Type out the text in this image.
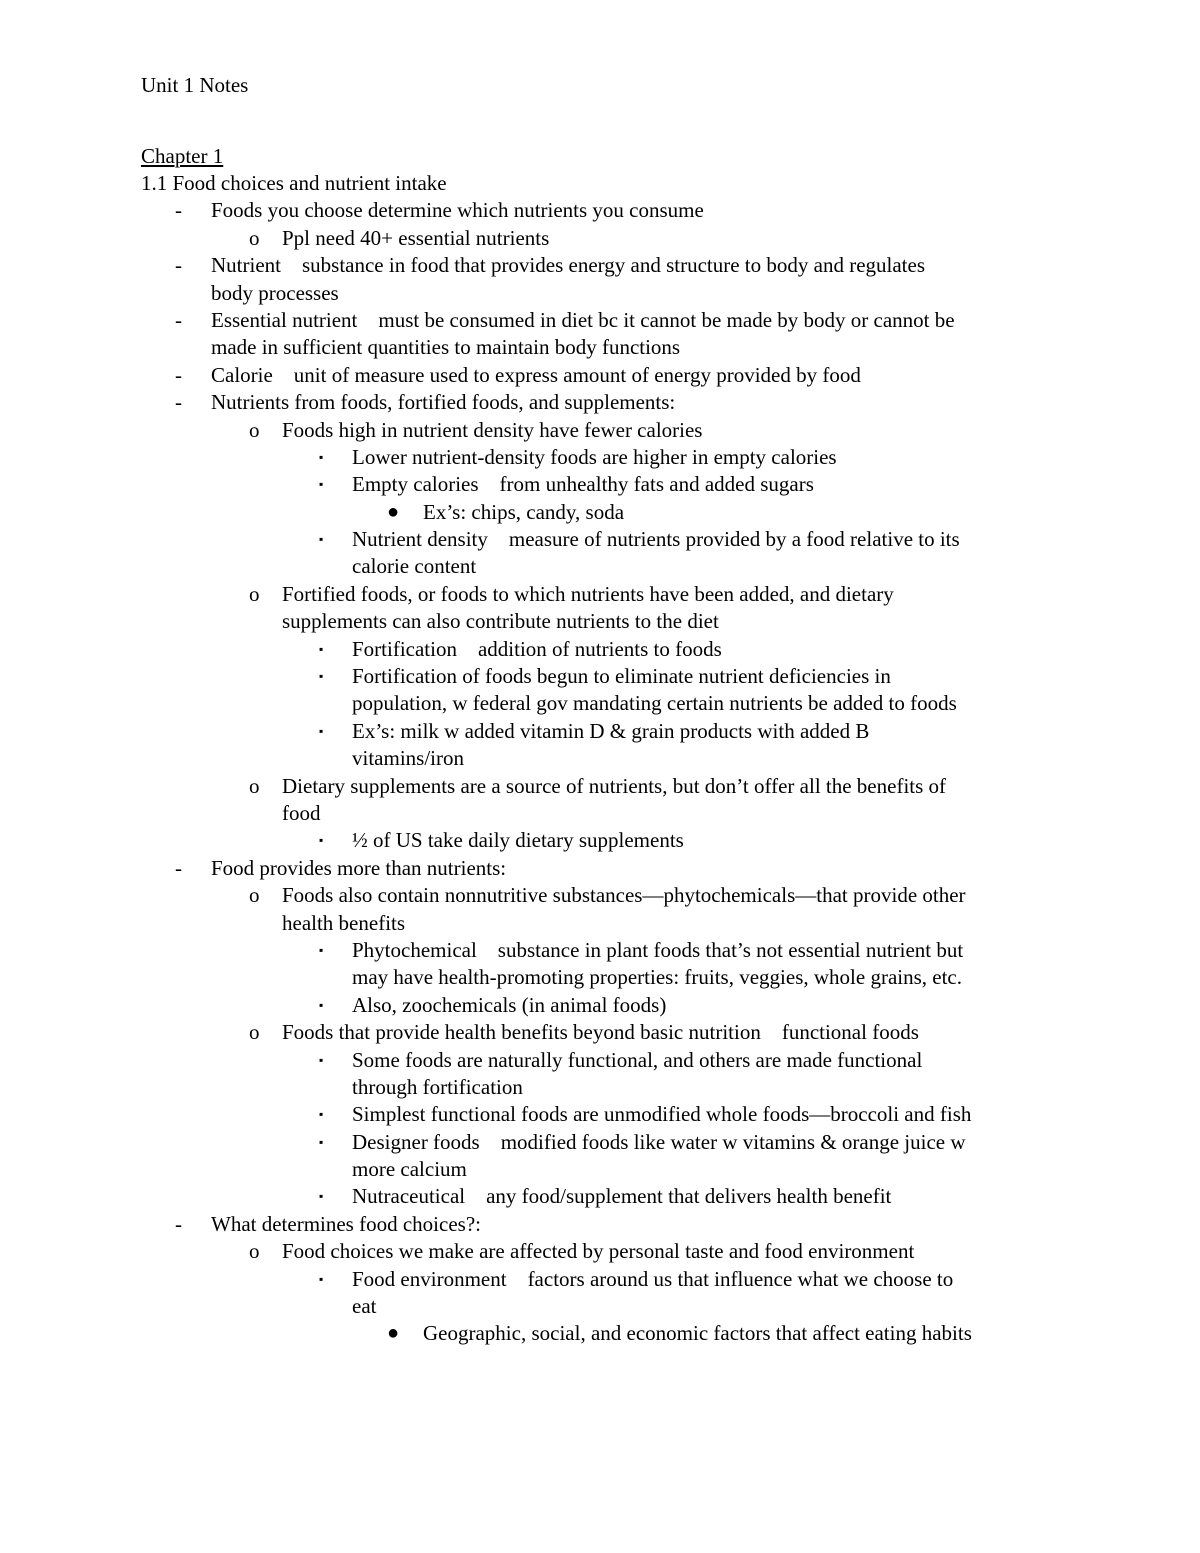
Unit 1 Notes
Chapter 1
1.1 Food choices and nutrient intake
- Foods you choose determine which nutrients you consume
o Ppl need 40+ essential nutrients
- Nutrient    substance in food that provides energy and structure to body and regulates
body processes
- Essential nutrient    must be consumed in diet bc it cannot be made by body or cannot be
made in sufficient quantities to maintain body functions
- Calorie    unit of measure used to express amount of energy provided by food
- Nutrients from foods, fortified foods, and supplements:
o Foods high in nutrient density have fewer calories
▪ Lower nutrient-density foods are higher in empty calories
▪ Empty calories    from unhealthy fats and added sugars
● Ex’s: chips, candy, soda
▪ Nutrient density    measure of nutrients provided by a food relative to its
calorie content
o Fortified foods, or foods to which nutrients have been added, and dietary
supplements can also contribute nutrients to the diet
▪ Fortification    addition of nutrients to foods
▪ Fortification of foods begun to eliminate nutrient deficiencies in
population, w federal gov mandating certain nutrients be added to foods
▪ Ex’s: milk w added vitamin D & grain products with added B
vitamins/iron
o Dietary supplements are a source of nutrients, but don’t offer all the benefits of
food
▪ ½ of US take daily dietary supplements
- Food provides more than nutrients:
o Foods also contain nonnutritive substances—phytochemicals—that provide other
health benefits
▪ Phytochemical    substance in plant foods that’s not essential nutrient but
may have health-promoting properties: fruits, veggies, whole grains, etc.
▪ Also, zoochemicals (in animal foods)
o Foods that provide health benefits beyond basic nutrition    functional foods
▪ Some foods are naturally functional, and others are made functional
through fortification
▪ Simplest functional foods are unmodified whole foods—broccoli and fish
▪ Designer foods    modified foods like water w vitamins & orange juice w
more calcium
▪ Nutraceutical    any food/supplement that delivers health benefit
- What determines food choices?:
o Food choices we make are affected by personal taste and food environment
▪ Food environment    factors around us that influence what we choose to
eat
● Geographic, social, and economic factors that affect eating habits
